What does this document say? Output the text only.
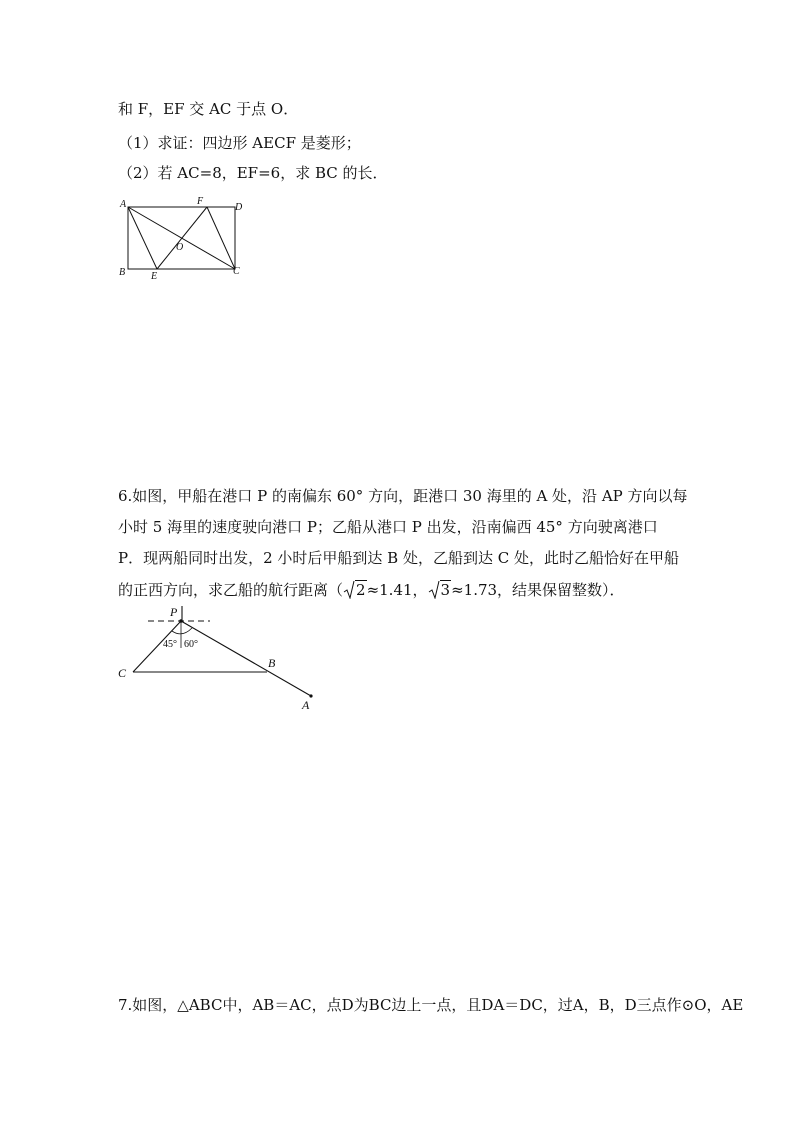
和 F，EF 交 AC 于点 O．
（1）求证：四边形 AECF 是菱形；
（2）若 AC=8，EF=6，求 BC 的长．
A	F
D
O
B	E	C
6.如图，甲船在港口 P 的南偏东 60° 方向，距港口 30 海里的 A 处，沿 AP 方向以每
小时 5 海里的速度驶向港口 P；乙船从港口 P 出发，沿南偏西 45° 方向驶离港口
P．现两船同时出发，2 小时后甲船到达 B 处，乙船到达 C 处，此时乙船恰好在甲船
的正西方向，求乙船的航行距离（ 2≈1.41， 3≈1.73，结果保留整数）．
P
C
B
A
45° 60°
7.如图，△ABC中，AB＝AC，点D为BC边上一点，且DA＝DC，过A，B，D三点作⊙O，AE
